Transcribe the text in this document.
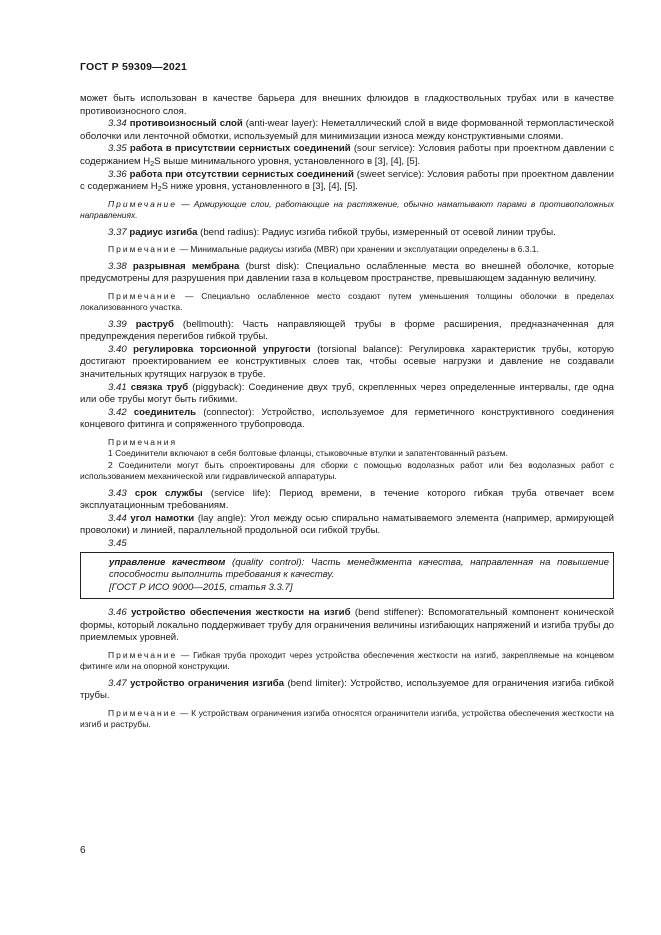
ГОСТ Р 59309—2021

может быть использован в качестве барьера для внешних флюидов в гладкоствольных трубах или в качестве противоизносного слоя.

3.34 противоизносный слой (anti-wear layer): Неметаллический слой в виде формованной термопластической оболочки или ленточной обмотки, используемый для минимизации износа между конструктивными слоями.

3.35 работа в присутствии сернистых соединений (sour service): Условия работы при проектном давлении с содержанием $H_2S$ выше минимального уровня, установленного в [3], [4], [5].

3.36 работа при отсутствии сернистых соединений (sweet service): Условия работы при проектном давлении с содержанием $H_2S$ ниже уровня, установленного в [3], [4], [5].

Примечание — Армирующие слои, работающие на растяжение, обычно наматывают парами в противоположных направлениях.

3.37 радиус изгиба (bend radius): Радиус изгиба гибкой трубы, измеренный от осевой линии трубы.

Примечание — Минимальные радиусы изгиба (MBR) при хранении и эксплуатации определены в 6.3.1.

3.38 разрывная мембрана (burst disk): Специально ослабленные места во внешней оболочке, которые предусмотрены для разрушения при давлении газа в кольцевом пространстве, превышающем заданную величину.

Примечание — Специально ослабленное место создают путем уменьшения толщины оболочки в пределах локализованного участка.

3.39 раструб (bellmouth): Часть направляющей трубы в форме расширения, предназначенная для предупреждения перегибов гибкой трубы.

3.40 регулировка торсионной упругости (torsional balance): Регулировка характеристик трубы, которую достигают проектированием ее конструктивных слоев так, чтобы осевые нагрузки и давление не создавали значительных крутящих нагрузок в трубе.

3.41 связка труб (piggyback): Соединение двух труб, скрепленных через определенные интервалы, где одна или обе трубы могут быть гибкими.

3.42 соединитель (connector): Устройство, используемое для герметичного конструктивного соединения концевого фитинга и сопряженного трубопровода.

Примечания

1 Соединители включают в себя болтовые фланцы, стыковочные втулки и запатентованный разъем.

2 Соединители могут быть спроектированы для сборки с помощью водолазных работ или без водолазных работ с использованием механической или гидравлической аппаратуры.

3.43 срок службы (service life): Период времени, в течение которого гибкая труба отвечает всем эксплуатационным требованиям.

3.44 угол намотки (lay angle): Угол между осью спирально наматываемого элемента (например, армирующей проволоки) и линией, параллельной продольной оси гибкой трубы.

3.45

управление качеством (quality control): Часть менеджмента качества, направленная на повышение способности выполнить требования к качеству.

[ГОСТ Р ИСО 9000—2015, статья 3.3.7]

3.46 устройство обеспечения жесткости на изгиб (bend stiffener): Вспомогательный компонент конической формы, который локально поддерживает трубу для ограничения величины изгибающих напряжений и изгиба трубы до приемлемых уровней.

Примечание — Гибкая труба проходит через устройства обеспечения жесткости на изгиб, закрепляемые на концевом фитинге или на опорной конструкции.

3.47 устройство ограничения изгиба (bend limiter): Устройство, используемое для ограничения изгиба гибкой трубы.

Примечание — К устройствам ограничения изгиба относятся ограничители изгиба, устройства обеспечения жесткости на изгиб и раструбы.

6
